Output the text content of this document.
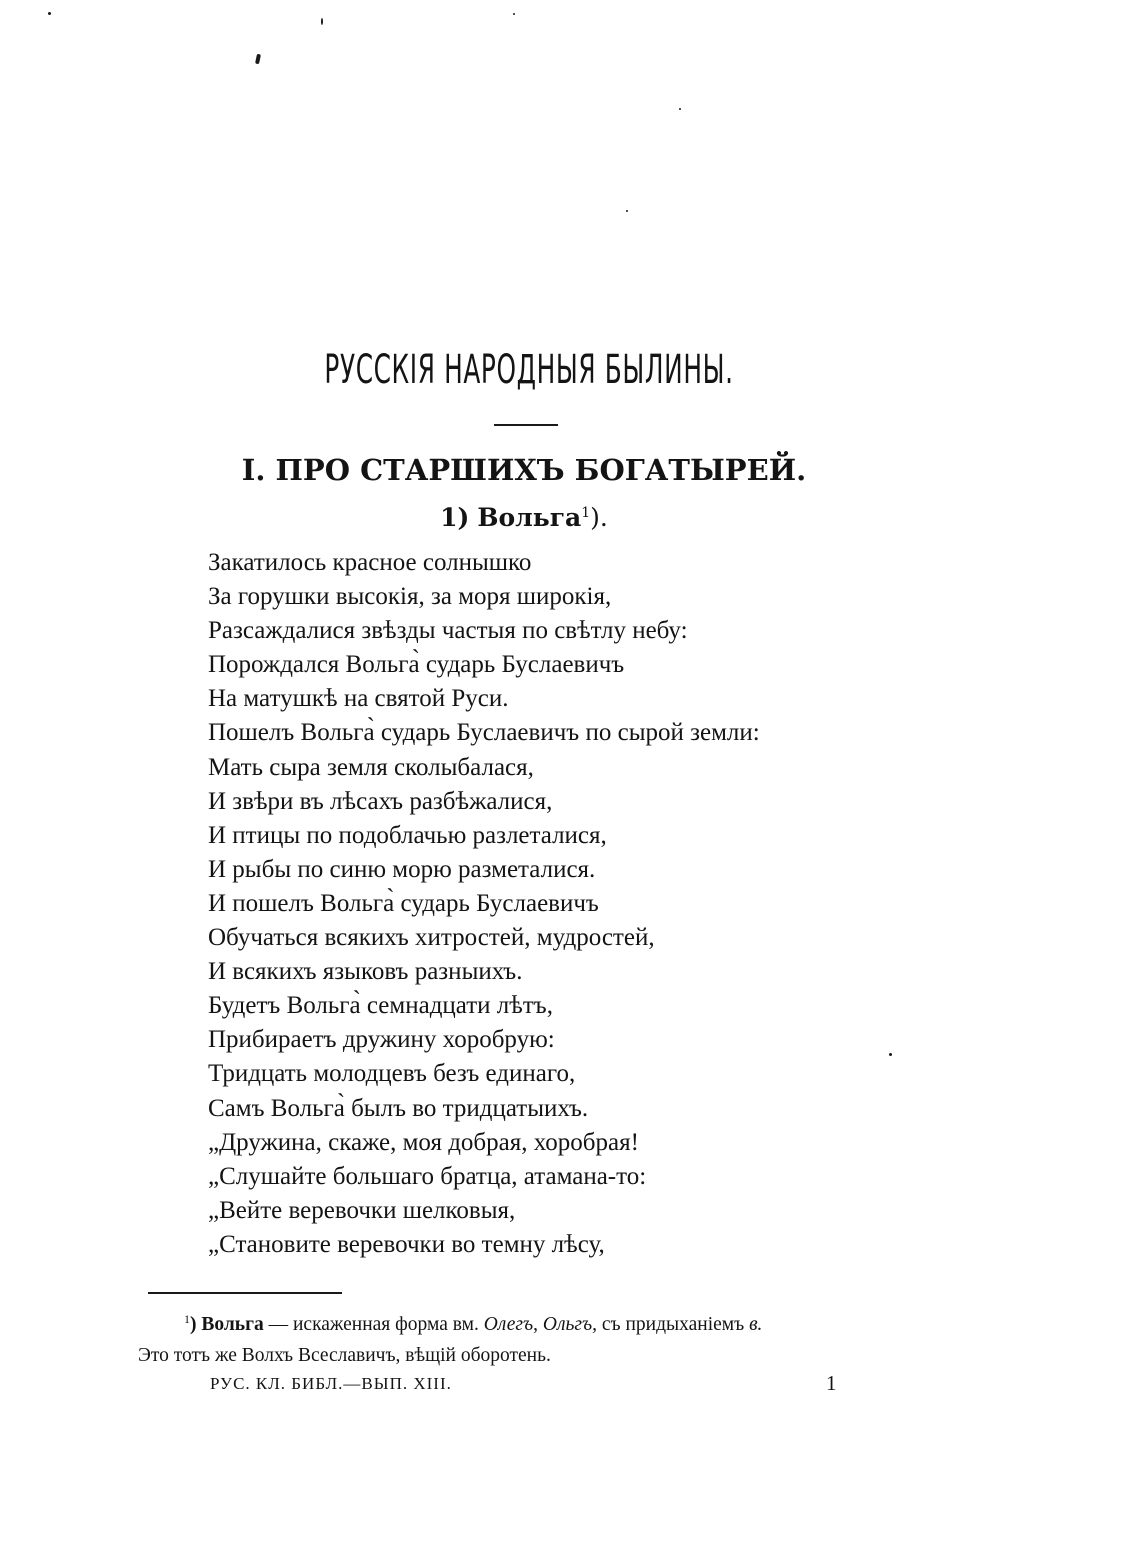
РУССКІЯ НАРОДНЫЯ БЫЛИНЫ.
I. ПРО СТАРШИХЪ БОГАТЫРЕЙ.
1) Вольга$^1$).
Закатилось красное солнышко
За горушки высокія, за моря широкія,
Разсаждалися звѣзды частыя по свѣтлу небу:
Порождался Вольга̀ сударь Буслаевичъ
На матушкѣ на святой Руси.
Пошелъ Вольга̀ сударь Буслаевичъ по сырой земли:
Мать сыра земля сколыбалася,
И звѣри въ лѣсахъ разбѣжалися,
И птицы по подоблачью разлеталися,
И рыбы по синю морю разметалися.
И пошелъ Вольга̀ сударь Буслаевичъ
Обучаться всякихъ хитростей, мудростей,
И всякихъ языковъ разныихъ.
Будетъ Вольга̀ семнадцати лѣтъ,
Прибираетъ дружину хоробрую:
Тридцать молодцевъ безъ единаго,
Самъ Вольга̀ былъ во тридцатыихъ.
„Дружина, скаже, моя добрая, хоробрая!
„Слушайте большаго братца, атамана-то:
„Вейте веревочки шелковыя,
„Становите веревочки во темну лѣсу,
$^1$) Вольга — искаженная форма вм. Олегъ, Ольгъ, съ придыханіемъ в.
Это тотъ же Волхъ Всеславичъ, вѣщій оборотень.
РУС. КЛ. БИБЛ.—ВЫП. XIII.	1
